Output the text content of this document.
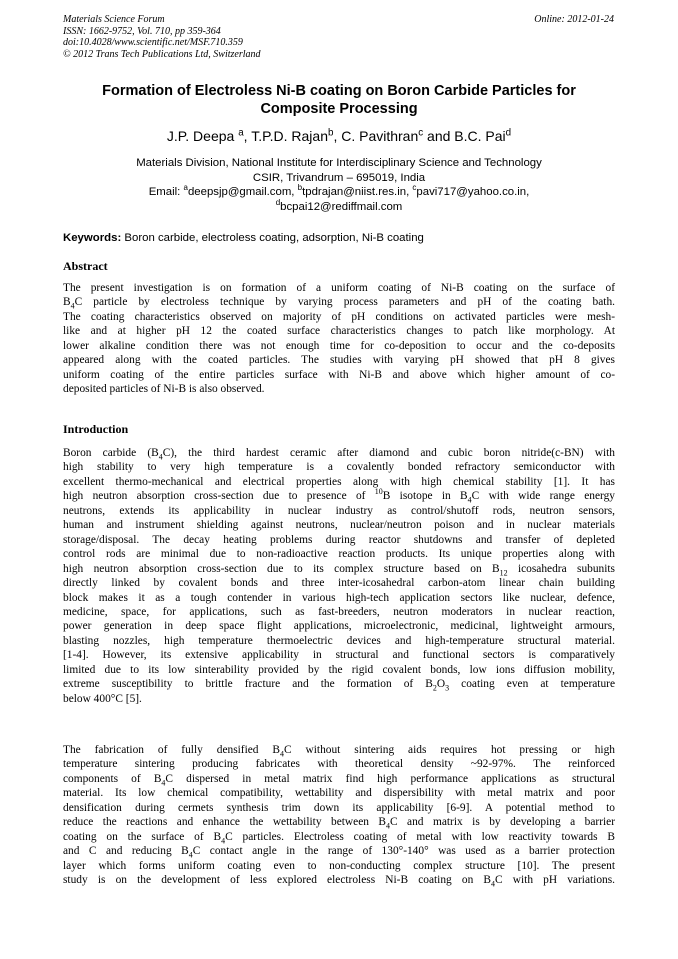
Materials Science Forum
ISSN: 1662-9752, Vol. 710, pp 359-364
doi:10.4028/www.scientific.net/MSF.710.359
© 2012 Trans Tech Publications Ltd, Switzerland
Online: 2012-01-24
Formation of Electroless Ni-B coating on Boron Carbide Particles for
Composite Processing
J.P. Deepa $^a$, T.P.D. Rajan$^b$, C. Pavithran$^c$ and B.C. Pai$^d$
Materials Division, National Institute for Interdisciplinary Science and Technology
CSIR, Trivandrum – 695019, India
Email: $^a$deepsjp@gmail.com, $^b$tpdrajan@niist.res.in, $^c$pavi717@yahoo.co.in,
$^d$bcpai12@rediffmail.com
Keywords: Boron carbide, electroless coating, adsorption, Ni-B coating
Abstract
The present investigation is on formation of a uniform coating of Ni-B coating on the surface of
$B_4C$ particle by electroless technique by varying process parameters and pH of the coating bath.
The coating characteristics observed on majority of pH conditions on activated particles were mesh-
like and at higher pH 12 the coated surface characteristics changes to patch like morphology. At
lower alkaline condition there was not enough time for co-deposition to occur and the co-deposits
appeared along with the coated particles. The studies with varying pH showed that pH 8 gives
uniform coating of the entire particles surface with Ni-B and above which higher amount of co-
deposited particles of Ni-B is also observed.
Introduction
Boron carbide $(B_4C)$, the third hardest ceramic after diamond and cubic boron nitride(c-BN) with
high stability to very high temperature is a covalently bonded refractory semiconductor with
excellent thermo-mechanical and electrical properties along with high chemical stability [1]. It has
high neutron absorption cross-section due to presence of $^{10}$B isotope in $B_4C$ with wide range energy
neutrons, extends its applicability in nuclear industry as control/shutoff rods, neutron sensors,
human and instrument shielding against neutrons, nuclear/neutron poison and in nuclear materials
storage/disposal. The decay heating problems during reactor shutdowns and transfer of depleted
control rods are minimal due to non-radioactive reaction products. Its unique properties along with
high neutron absorption cross-section due to its complex structure based on $B_{12}$ icosahedra subunits
directly linked by covalent bonds and three inter-icosahedral carbon-atom linear chain building
block makes it as a tough contender in various high-tech application sectors like nuclear, defence,
medicine, space, for applications, such as fast-breeders, neutron moderators in nuclear reaction,
power generation in deep space flight applications, microelectronic, medicinal, lightweight armours,
blasting nozzles, high temperature thermoelectric devices and high-temperature structural material.
[1-4]. However, its extensive applicability in structural and functional sectors is comparatively
limited due to its low sinterability provided by the rigid covalent bonds, low ions diffusion mobility,
extreme susceptibility to brittle fracture and the formation of $B_2O_3$ coating even at temperature
below 400°C [5].
The fabrication of fully densified $B_4C$ without sintering aids requires hot pressing or high
temperature sintering producing fabricates with theoretical density ~92-97%. The reinforced
components of $B_4C$ dispersed in metal matrix find high performance applications as structural
material. Its low chemical compatibility, wettability and dispersibility with metal matrix and poor
densification during cermets synthesis trim down its applicability [6-9]. A potential method to
reduce the reactions and enhance the wettability between $B_4C$ and matrix is by developing a barrier
coating on the surface of $B_4C$ particles. Electroless coating of metal with low reactivity towards B
and C and reducing $B_4C$ contact angle in the range of 130°-140° was used as a barrier protection
layer which forms uniform coating even to non-conducting complex structure [10]. The present
study is on the development of less explored electroless Ni-B coating on $B_4C$ with pH variations.
